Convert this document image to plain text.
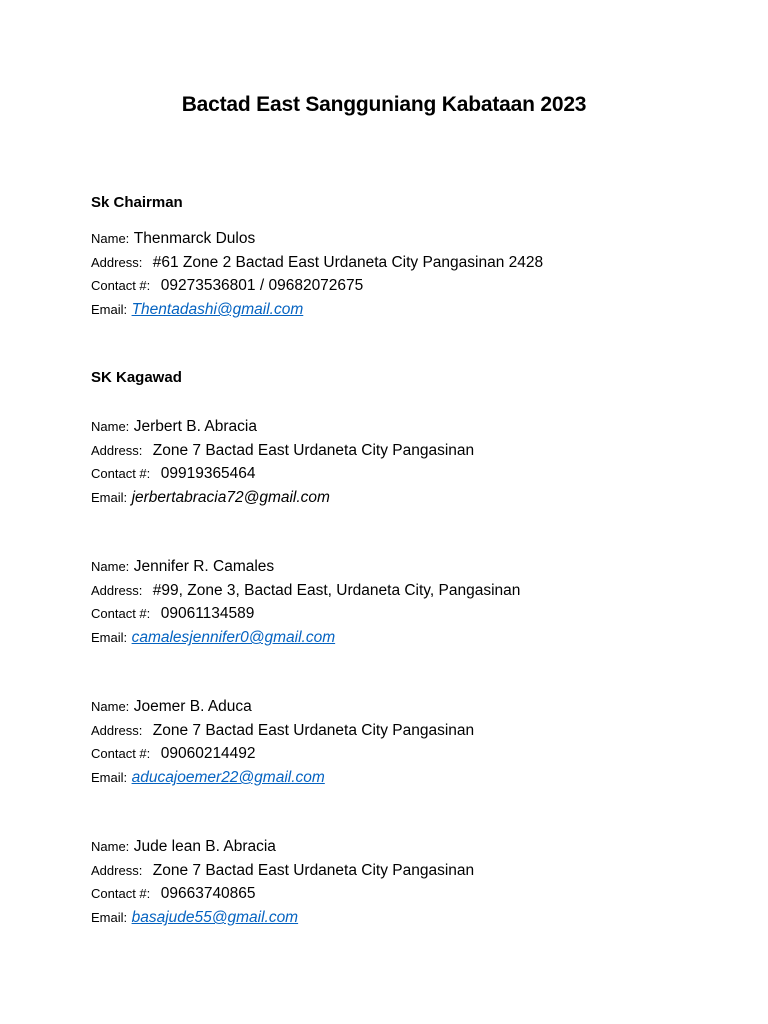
Bactad East Sangguniang Kabataan 2023
Sk Chairman
Name: Thenmarck Dulos
Address: #61 Zone 2 Bactad East Urdaneta City Pangasinan 2428
Contact #: 09273536801 / 09682072675
Email: Thentadashi@gmail.com
SK Kagawad
Name: Jerbert B. Abracia
Address: Zone 7 Bactad East Urdaneta City Pangasinan
Contact #: 09919365464
Email: jerbertabracia72@gmail.com
Name: Jennifer R. Camales
Address: #99, Zone 3, Bactad East, Urdaneta City, Pangasinan
Contact #: 09061134589
Email: camalesjennifer0@gmail.com
Name: Joemer B. Aduca
Address: Zone 7 Bactad East Urdaneta City Pangasinan
Contact #: 09060214492
Email: aducajoemer22@gmail.com
Name: Jude lean B. Abracia
Address: Zone 7 Bactad East Urdaneta City Pangasinan
Contact #: 09663740865
Email: basajude55@gmail.com
